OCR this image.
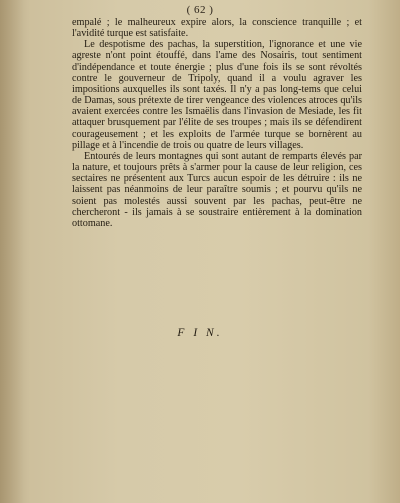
( 62 )

empalé ; le malheureux expire alors, la conscience tranquille ; et l'avidité turque est satisfaite.

Le despotisme des pachas, la superstition, l'ignorance et une vie agreste n'ont point étouffé, dans l'ame des Nosairis, tout sentiment d'indépendance et toute énergie ; plus d'une fois ils se sont révoltés contre le gouverneur de Tripoly, quand il a voulu agraver les impositions auxquelles ils sont taxés. Il n'y a pas long-tems que celui de Damas, sous prétexte de tirer vengeance des violences atroces qu'ils avaient exercées contre les Ismaëlis dans l'invasion de Mesiade, les fit attaquer brusquement par l'élite de ses troupes ; mais ils se défendirent courageusement ; et les exploits de l'armée turque se bornèrent au pillage et à l'incendie de trois ou quatre de leurs villages.

Entourés de leurs montagnes qui sont autant de remparts élevés par la nature, et toujours prêts à s'armer pour la cause de leur religion, ces sectaires ne présentent aux Turcs aucun espoir de les détruire : ils ne laissent pas néanmoins de leur paraître soumis ; et pourvu qu'ils ne soient pas molestés aussi souvent par les pachas, peut-être ne chercheront - ils jamais à se soustraire entièrement à la domination ottomane.

F I N.
